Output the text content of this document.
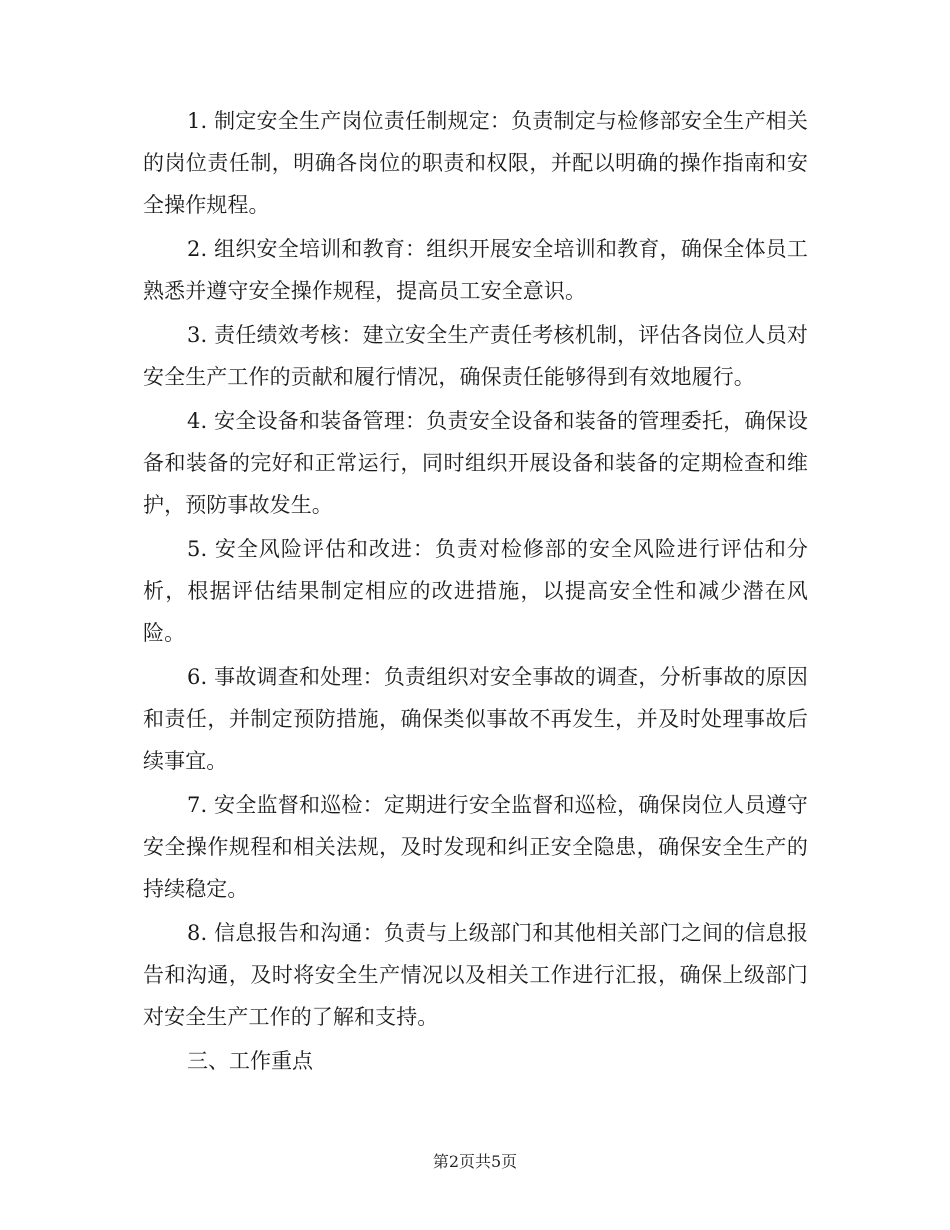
1. 制定安全生产岗位责任制规定：负责制定与检修部安全生产相关的岗位责任制，明确各岗位的职责和权限，并配以明确的操作指南和安全操作规程。

2. 组织安全培训和教育：组织开展安全培训和教育，确保全体员工熟悉并遵守安全操作规程，提高员工安全意识。

3. 责任绩效考核：建立安全生产责任考核机制，评估各岗位人员对安全生产工作的贡献和履行情况，确保责任能够得到有效地履行。

4. 安全设备和装备管理：负责安全设备和装备的管理委托，确保设备和装备的完好和正常运行，同时组织开展设备和装备的定期检查和维护，预防事故发生。

5. 安全风险评估和改进：负责对检修部的安全风险进行评估和分析，根据评估结果制定相应的改进措施，以提高安全性和减少潜在风险。

6. 事故调查和处理：负责组织对安全事故的调查，分析事故的原因和责任，并制定预防措施，确保类似事故不再发生，并及时处理事故后续事宜。

7. 安全监督和巡检：定期进行安全监督和巡检，确保岗位人员遵守安全操作规程和相关法规，及时发现和纠正安全隐患，确保安全生产的持续稳定。

8. 信息报告和沟通：负责与上级部门和其他相关部门之间的信息报告和沟通，及时将安全生产情况以及相关工作进行汇报，确保上级部门对安全生产工作的了解和支持。

三、工作重点

第2页共5页
